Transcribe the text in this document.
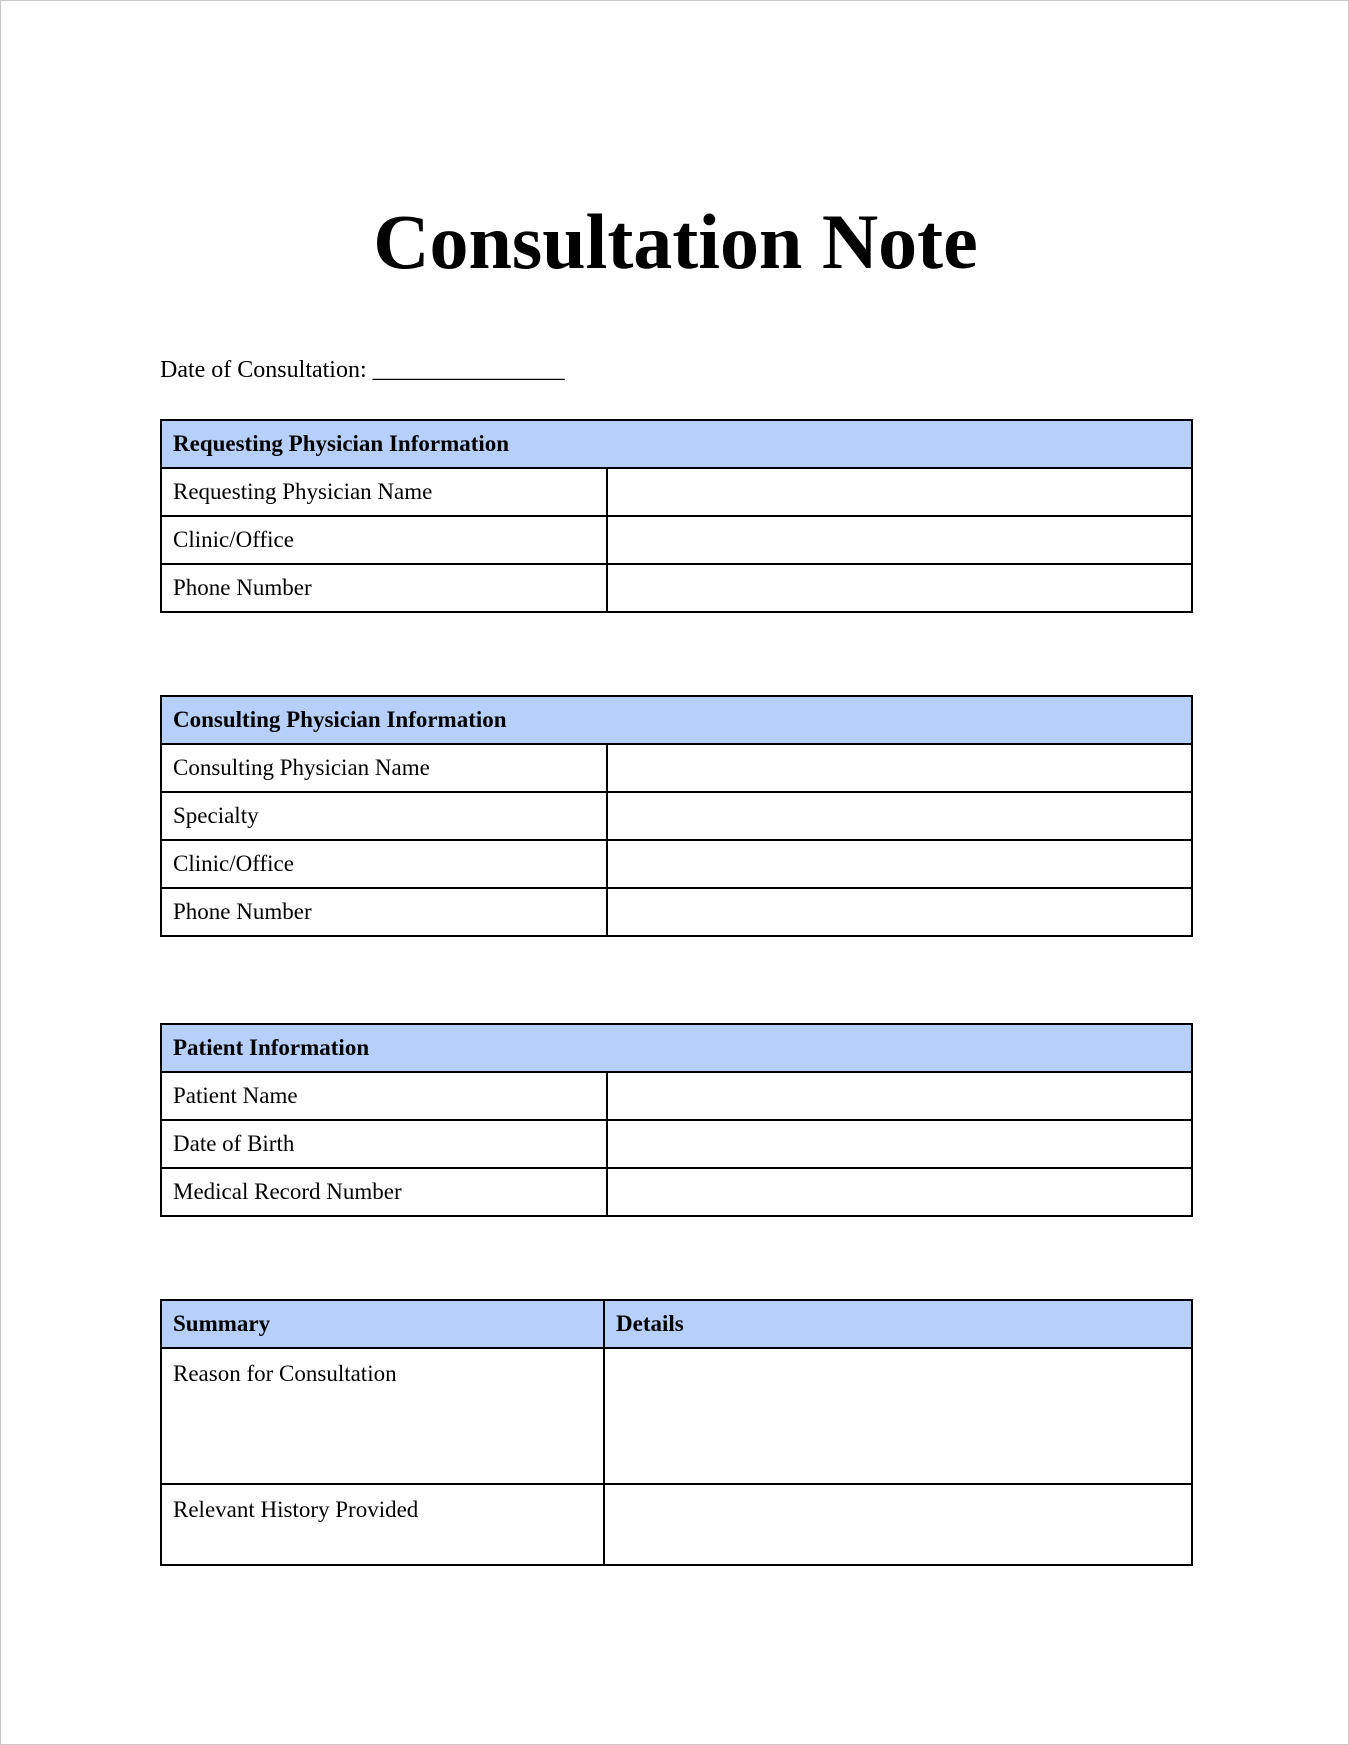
Consultation Note
Date of Consultation: ________________
Requesting Physician Information	
Requesting Physician Name	
Clinic/Office	
Phone Number	
Consulting Physician Information	
Consulting Physician Name	
Specialty	
Clinic/Office	
Phone Number	
Patient Information	
Patient Name	
Date of Birth	
Medical Record Number	
Summary	Details
Reason for Consultation	
Relevant History Provided	
